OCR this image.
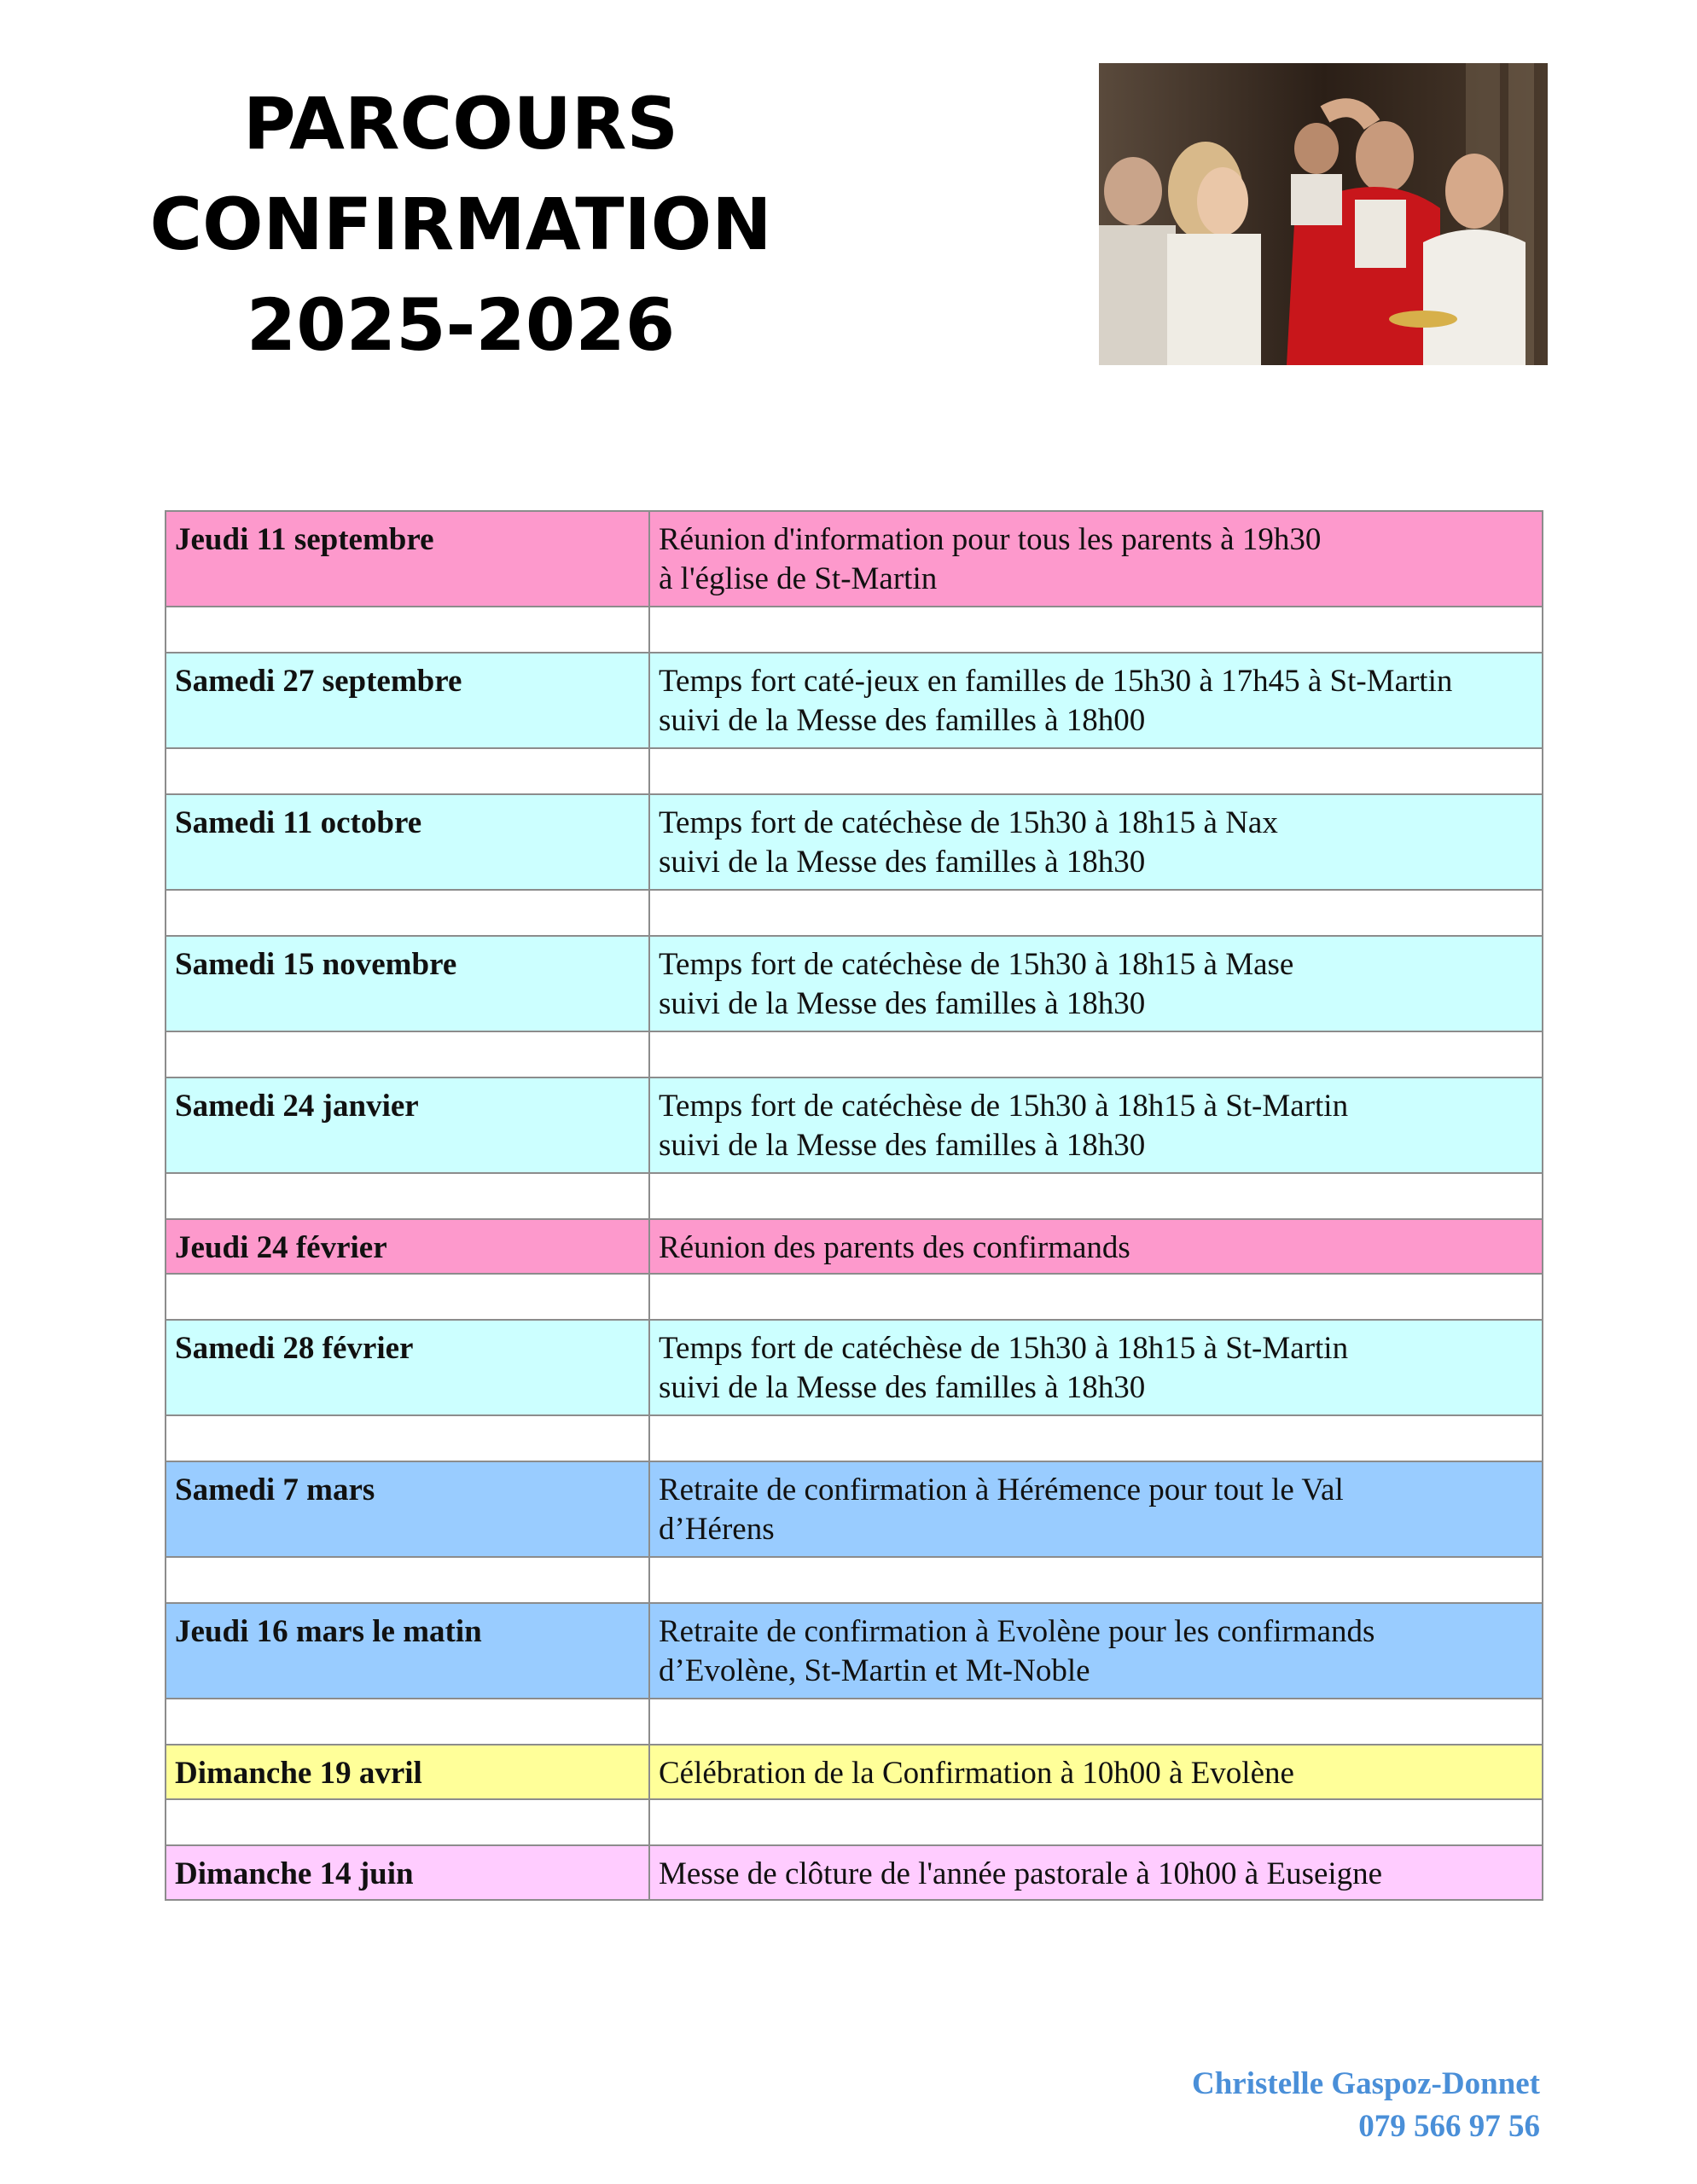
PARCOURS
CONFIRMATION
2025-2026
Jeudi 11 septembre	Réunion d'information pour tous les parents à 19h30
à l'église de St-Martin

Samedi 27 septembre	Temps fort caté-jeux en familles de 15h30 à 17h45 à St-Martin
suivi de la Messe des familles à 18h00

Samedi 11 octobre	Temps fort de catéchèse de 15h30 à 18h15 à Nax
suivi de la Messe des familles à 18h30

Samedi 15 novembre	Temps fort de catéchèse de 15h30 à 18h15 à Mase
suivi de la Messe des familles à 18h30

Samedi 24 janvier	Temps fort de catéchèse de 15h30 à 18h15 à St-Martin
suivi de la Messe des familles à 18h30

Jeudi 24 février	Réunion des parents des confirmands

Samedi 28 février	Temps fort de catéchèse de 15h30 à 18h15 à St-Martin
suivi de la Messe des familles à 18h30

Samedi 7 mars	Retraite de confirmation à Hérémence pour tout le Val
d’Hérens

Jeudi 16 mars le matin	Retraite de confirmation à Evolène pour les confirmands
d’Evolène, St-Martin et Mt-Noble

Dimanche 19 avril	Célébration de la Confirmation à 10h00 à Evolène

Dimanche 14 juin	Messe de clôture de l'année pastorale à 10h00 à Euseigne
Christelle Gaspoz-Donnet
079 566 97 56
